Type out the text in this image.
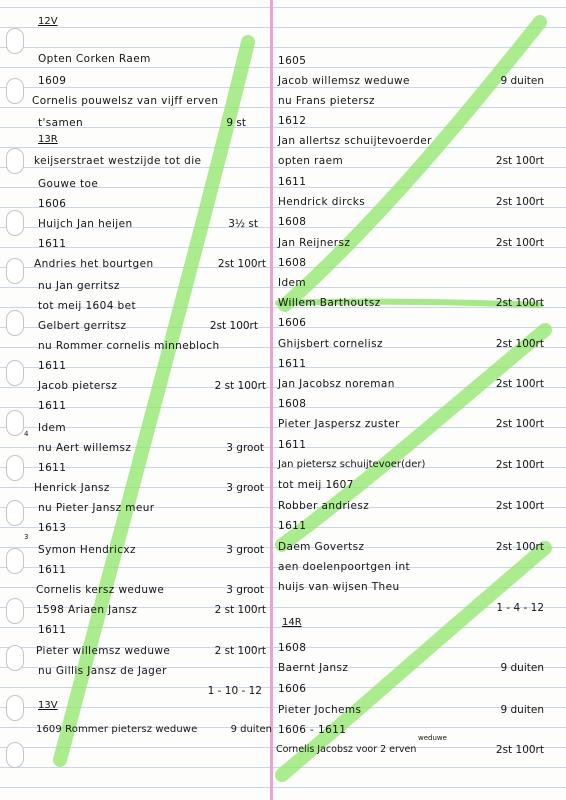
12V
Opten Corken Raem
1609
Cornelis pouwelsz van vijff erven
t'samen	9 st
13R
keijserstraet westzijde tot die
Gouwe toe
1606
Huijch Jan heijen	3½ st
1611
Andries het bourtgen	2st 100rt
nu Jan gerritsz
tot meij 1604 bet
Gelbert gerritsz	2st 100rt
nu Rommer cornelis minnebloch
1611
Jacob pietersz	2 st 100rt
1611
4 Idem
nu Aert willemsz	3 groot
1611
Henrick Jansz	3 groot
nu Pieter Jansz meur
3
1613
Symon Hendricxz	3 groot
1611
Cornelis kersz weduwe	3 groot
1598 Ariaen Jansz	2 st 100rt
1611
Pieter willemsz weduwe	2 st 100rt
nu Gillis Jansz de Jager
1 - 10 - 12
13V
1609 Rommer pietersz weduwe	9 duiten
1605
Jacob willemsz weduwe	9 duiten
nu Frans pietersz
1612
Jan allertsz schuijtevoerder
opten raem	2st 100rt
1611
Hendrick dircks	2st 100rt
1608
Jan Reijnersz	2st 100rt
1608
Idem
Willem Barthoutsz	2st 100rt
1606
Ghijsbert cornelisz	2st 100rt
1611
Jan Jacobsz noreman	2st 100rt
1608
Pieter Jaspersz zuster	2st 100rt
1611
Jan pietersz schuijtevoer(der)	2st 100rt
tot meij 1607
Robber andriesz	2st 100rt
1611
Daem Govertsz	2st 100rt
aen doelenpoortgen int
huijs van wijsen Theu
1 - 4 - 12
14R
1608
Baernt Jansz	9 duiten
1606
Pieter Jochems	9 duiten
1606 - 1611
weduwe
Cornelis Jacobsz voor 2 erven	2st 100rt
